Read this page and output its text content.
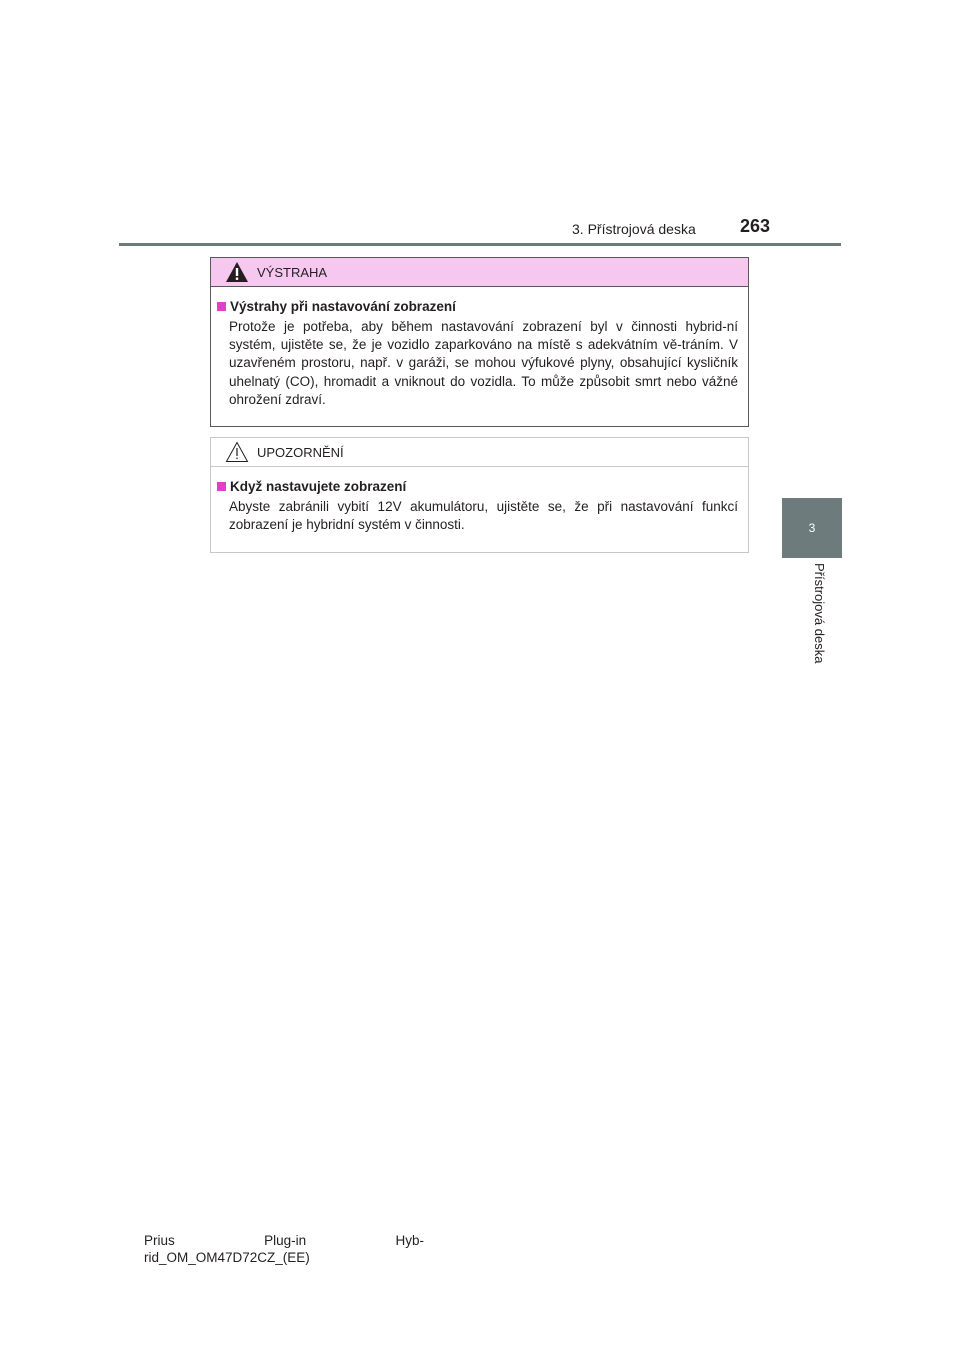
3. Přístrojová deska 263
3
Přístrojová deska
VÝSTRAHA
Výstrahy při nastavování zobrazení

Protože je potřeba, aby během nastavování zobrazení byl v činnosti hybrid-ní systém, ujistěte se, že je vozidlo zaparkováno na místě s adekvátním vě-tráním. V uzavřeném prostoru, např. v garáži, se mohou výfukové plyny, obsahující kysličník uhelnatý (CO), hromadit a vniknout do vozidla. To může způsobit smrt nebo vážné ohrožení zdraví.

UPOZORNĚNÍ
Když nastavujete zobrazení

Abyste zabránili vybití 12V akumulátoru, ujistěte se, že při nastavování funkcí zobrazení je hybridní systém v činnosti.

Prius	Plug-in	Hyb-
rid_OM_OM47D72CZ_(EE)
